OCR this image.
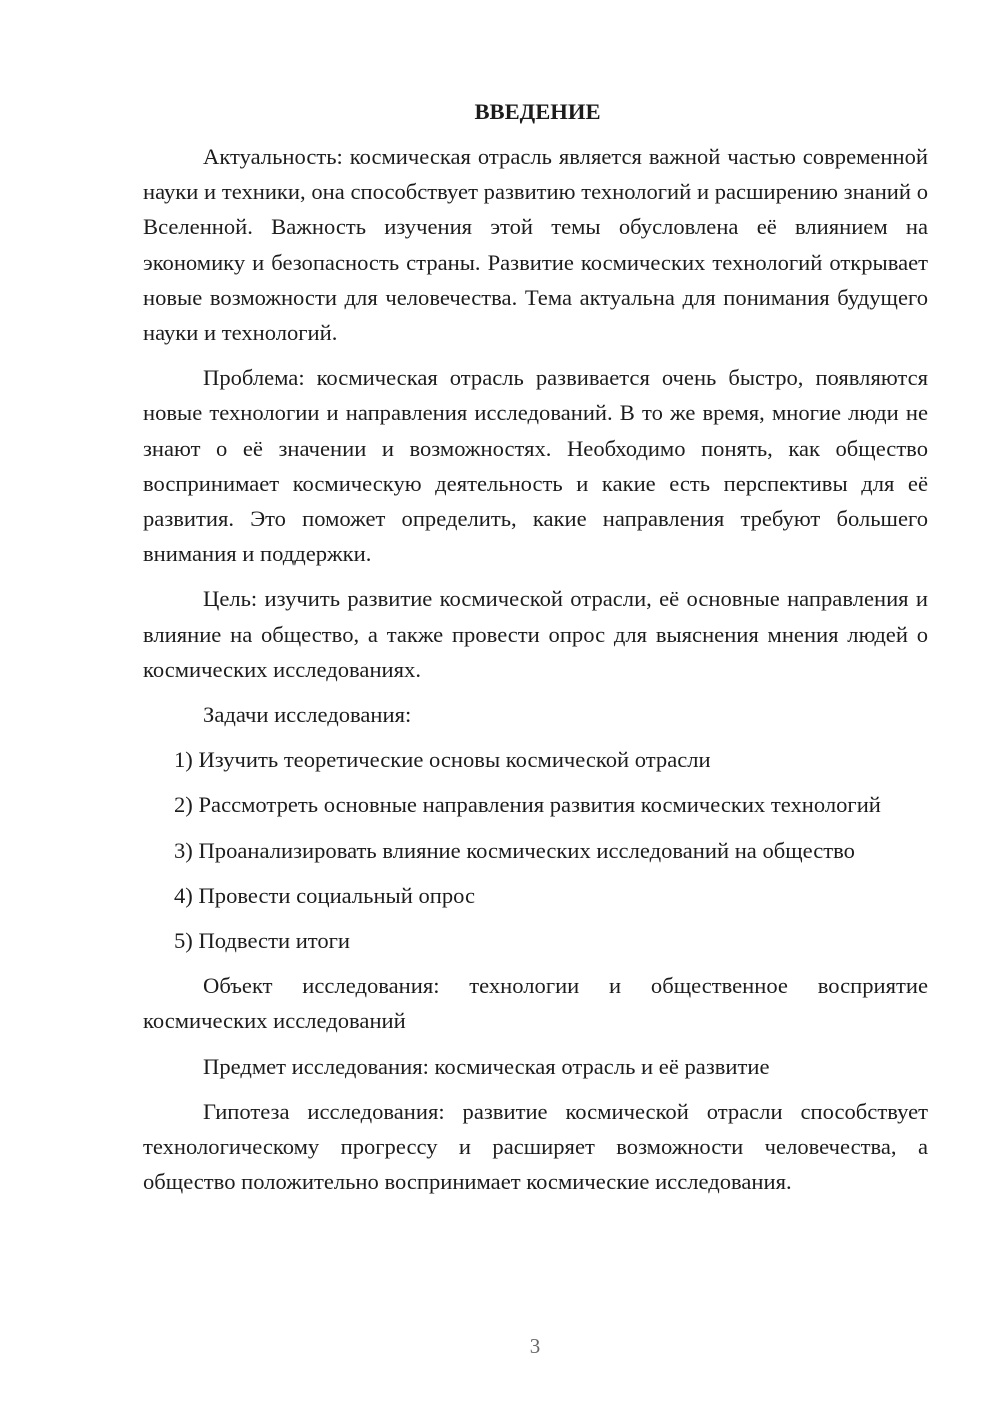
ВВЕДЕНИЕ

Актуальность: космическая отрасль является важной частью современной науки и техники, она способствует развитию технологий и расширению знаний о Вселенной. Важность изучения этой темы обусловлена её влиянием на экономику и безопасность страны. Развитие космических технологий открывает новые возможности для человечества. Тема актуальна для понимания будущего науки и технологий.

Проблема: космическая отрасль развивается очень быстро, появляются новые технологии и направления исследований. В то же время, многие люди не знают о её значении и возможностях. Необходимо понять, как общество воспринимает космическую деятельность и какие есть перспективы для её развития. Это поможет определить, какие направления требуют большего внимания и поддержки.

Цель: изучить развитие космической отрасли, её основные направления и влияние на общество, а также провести опрос для выяснения мнения людей о космических исследованиях.

Задачи исследования:

1) Изучить теоретические основы космической отрасли

2) Рассмотреть основные направления развития космических технологий

3) Проанализировать влияние космических исследований на общество

4) Провести социальный опрос

5) Подвести итоги

Объект исследования: технологии и общественное восприятие космических исследований

Предмет исследования: космическая отрасль и её развитие

Гипотеза исследования: развитие космической отрасли способствует технологическому прогрессу и расширяет возможности человечества, а общество положительно воспринимает космические исследования.

3
